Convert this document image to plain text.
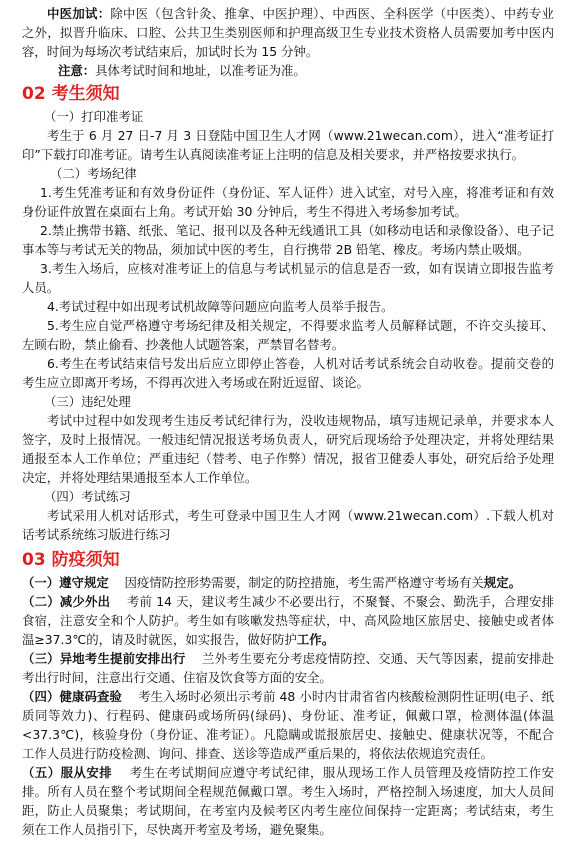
中医加试：除中医（包含针灸、推拿、中医护理）、中西医、全科医学（中医类）、中药专业之外，拟晋升临床、口腔、公共卫生类别医师和护理高级卫生专业技术资格人员需要加考中医内容，时间为每场次考试结束后，加试时长为 15 分钟。

注意：具体考试时间和地址，以准考证为准。

02 考生须知

（一）打印准考证

考生于 6 月 27 日-7 月 3 日登陆中国卫生人才网（www.21wecan.com），进入“准考证打印”下载打印准考证。请考生认真阅读准考证上注明的信息及相关要求，并严格按要求执行。

（二）考场纪律

1.考生凭准考证和有效身份证件（身份证、军人证件）进入试室，对号入座，将准考证和有效身份证件放置在桌面右上角。考试开始 30 分钟后，考生不得进入考场参加考试。

2.禁止携带书籍、纸张、笔记、报刊以及各种无线通讯工具（如移动电话和录像设备）、电子记事本等与考试无关的物品，须加试中医的考生，自行携带 2B 铅笔、橡皮。考场内禁止吸烟。

3.考生入场后，应核对准考证上的信息与考试机显示的信息是否一致，如有误请立即报告监考人员。

4.考试过程中如出现考试机故障等问题应向监考人员举手报告。

5.考生应自觉严格遵守考场纪律及相关规定，不得要求监考人员解释试题，不许交头接耳、左顾右盼，禁止偷看、抄袭他人试题答案，严禁冒名替考。

6.考生在考试结束信号发出后应立即停止答卷，人机对话考试系统会自动收卷。提前交卷的考生应立即离开考场，不得再次进入考场或在附近逗留、谈论。

（三）违纪处理

考试中过程中如发现考生违反考试纪律行为，没收违规物品，填写违规记录单，并要求本人签字，及时上报情况。一般违纪情况报送考场负责人，研究后现场给予处理决定，并将处理结果通报至本人工作单位；严重违纪（替考、电子作弊）情况，报省卫健委人事处，研究后给予处理决定，并将处理结果通报至本人工作单位。

（四）考试练习

考试采用人机对话形式，考生可登录中国卫生人才网（www.21wecan.com）.下载人机对话考试系统练习版进行练习

03 防疫须知

（一）遵守规定 因疫情防控形势需要，制定的防控措施，考生需严格遵守考场有关规定。

（二）减少外出 考前 14 天，建议考生减少不必要出行，不聚餐、不聚会、勤洗手，合理安排食宿，注意安全和个人防护。考生如有咳嗽发热等症状，中、高风险地区旅居史、接触史或者体温≥37.3℃的，请及时就医，如实报告，做好防护工作。

（三）异地考生提前安排出行 兰外考生要充分考虑疫情防控、交通、天气等因素，提前安排赴考出行时间，注意出行交通、住宿及饮食等方面的安全。

（四）健康码查验 考生入场时必须出示考前 48 小时内甘肃省省内核酸检测阴性证明(电子、纸质同等效力)、行程码、健康码或场所码(绿码)、身份证、准考证，佩戴口罩，检测体温(体温<37.3℃)，核验身份（身份证、准考证）。凡隐瞒或谎报旅居史、接触史、健康状况等，不配合工作人员进行防疫检测、询问、排查、送诊等造成严重后果的，将依法依规追究责任。

（五）服从安排 考生在考试期间应遵守考试纪律，服从现场工作人员管理及疫情防控工作安排。所有人员在整个考试期间全程规范佩戴口罩。考生入场时，严格控制入场速度，加大人员间距，防止人员聚集；考试期间，在考室内及候考区内考生座位间保持一定距离；考试结束，考生须在工作人员指引下，尽快离开考室及考场，避免聚集。
